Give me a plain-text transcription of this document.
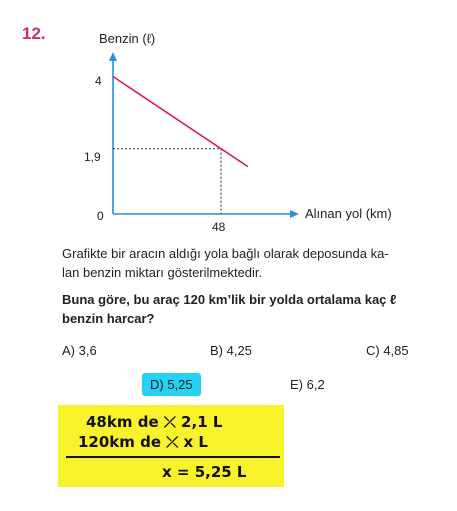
12.	Benzin (ℓ)
Alınan yol (km)
4
1,9
0
48
Grafikte bir aracın aldığı yola bağlı olarak deposunda ka-
lan benzin miktarı gösterilmektedir.
Buna göre, bu araç 120 km’lik bir yolda ortalama kaç ℓ
benzin harcar?
A) 3,6	B) 4,25	C) 4,85
D) 5,25	E) 6,2
48km de ⤫ 2,1 L
120km de ⤫ x L
x = 5,25 L
